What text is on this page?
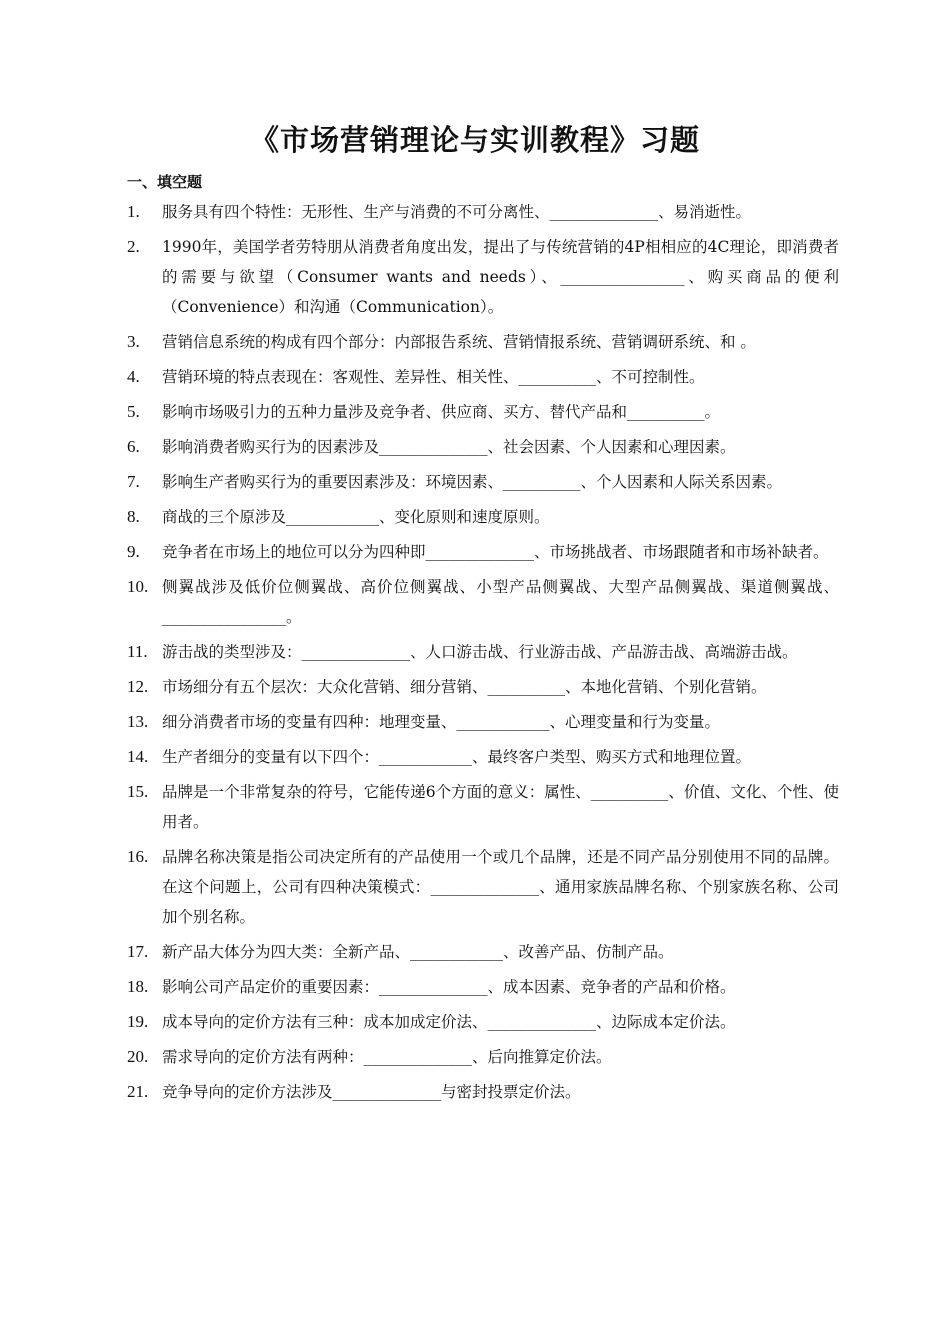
《市场营销理论与实训教程》习题
一、填空题
1.	服务具有四个特性：无形性、生产与消费的不可分离性、______________、易消逝性。
2.	1990年，美国学者劳特朋从消费者角度出发，提出了与传统营销的4P相相应的4C理论，即消费者的需要与欲望（Consumer wants and needs）、________________、购买商品的便利（Convenience）和沟通（Communication）。
3.	营销信息系统的构成有四个部分：内部报告系统、营销情报系统、营销调研系统、和 。
4.	营销环境的特点表现在：客观性、差异性、相关性、__________、不可控制性。
5.	影响市场吸引力的五种力量涉及竞争者、供应商、买方、替代产品和__________。
6.	影响消费者购买行为的因素涉及______________、社会因素、个人因素和心理因素。
7.	影响生产者购买行为的重要因素涉及：环境因素、__________、个人因素和人际关系因素。
8.	商战的三个原涉及____________、变化原则和速度原则。
9.	竞争者在市场上的地位可以分为四种即______________、市场挑战者、市场跟随者和市场补缺者。
10. 侧翼战涉及低价位侧翼战、高价位侧翼战、小型产品侧翼战、大型产品侧翼战、渠道侧翼战、________________。
11. 游击战的类型涉及：______________、人口游击战、行业游击战、产品游击战、高端游击战。
12. 市场细分有五个层次：大众化营销、细分营销、__________、本地化营销、个别化营销。
13. 细分消费者市场的变量有四种：地理变量、____________、心理变量和行为变量。
14. 生产者细分的变量有以下四个：____________、最终客户类型、购买方式和地理位置。
15. 品牌是一个非常复杂的符号，它能传递6个方面的意义：属性、__________、价值、文化、个性、使用者。
16. 品牌名称决策是指公司决定所有的产品使用一个或几个品牌，还是不同产品分别使用不同的品牌。在这个问题上，公司有四种决策模式：______________、通用家族品牌名称、个别家族名称、公司加个别名称。
17. 新产品大体分为四大类：全新产品、____________、改善产品、仿制产品。
18. 影响公司产品定价的重要因素：______________、成本因素、竞争者的产品和价格。
19. 成本导向的定价方法有三种：成本加成定价法、______________、边际成本定价法。
20. 需求导向的定价方法有两种：______________、后向推算定价法。
21. 竞争导向的定价方法涉及______________与密封投票定价法。
